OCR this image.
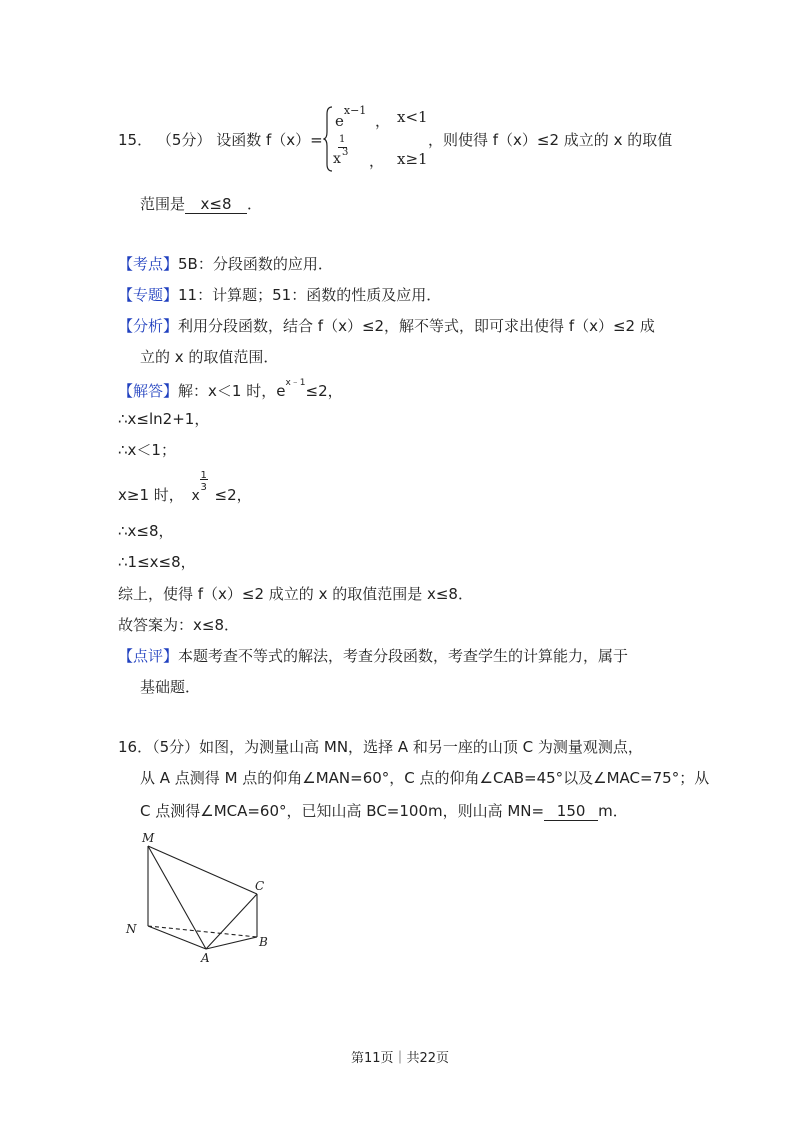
15． （5分） 设函数 f（x）=
$e^{x-1}$
， x<1
1
x 3 ， x≥1
，则使得 f（x）≤2 成立的 x 的取值
范围是 x≤8 ．
【考点】5B：分段函数的应用．
【专题】11：计算题；51：函数的性质及应用．
【分析】利用分段函数，结合 f（x）≤2，解不等式，即可求出使得 f（x）≤2 成
立的 x 的取值范围．
【解答】解：x＜1 时，$e^{x﹣1}\le 2$，
∴x≤ln2+1，
∴x＜1；
x≥1 时，
1
3
x ≤2，
∴x≤8，
∴1≤x≤8，
综上，使得 f（x）≤2 成立的 x 的取值范围是 x≤8．
故答案为：x≤8．
【点评】本题考查不等式的解法，考查分段函数，考查学生的计算能力，属于
基础题．
16．（5分）如图，为测量山高 MN，选择 A 和另一座的山顶 C 为测量观测点，
从 A 点测得 M 点的仰角∠MAN=60°，C 点的仰角∠CAB=45°以及∠MAC=75°；从
C 点测得∠MCA=60°，已知山高 BC=100m，则山高 MN= 150 m．
M
N
A
B
C
第11页｜共22页
